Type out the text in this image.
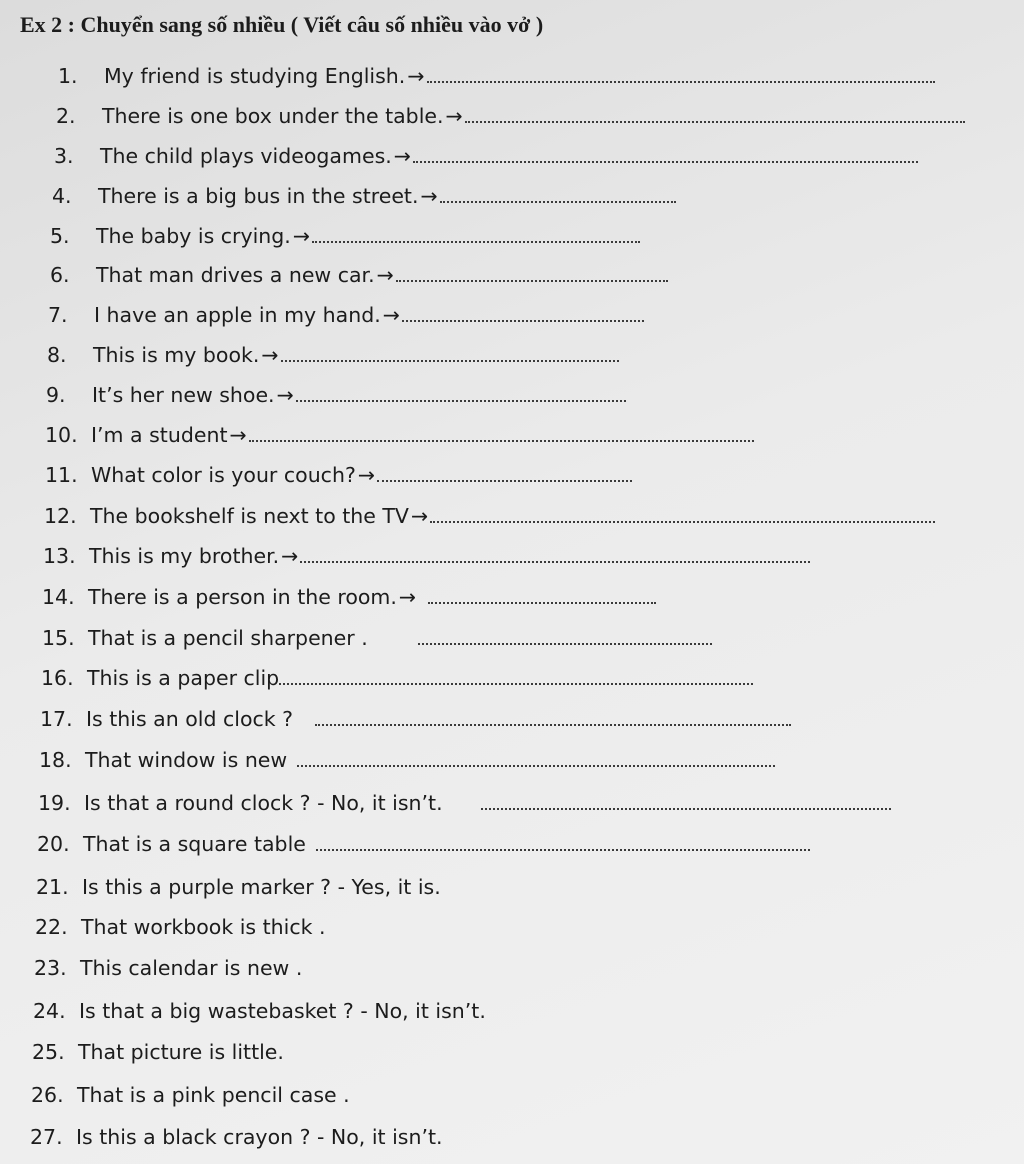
Ex 2 : Chuyển sang số nhiều ( Viết câu số nhiều vào vở )
1.	My friend is studying English. →
2.	There is one box under the table. →
3.	The child plays videogames. →
4.	There is a big bus in the street. →
5.	The baby is crying. →
6.	That man drives a new car. →
7.	I have an apple in my hand. →
8.	This is my book. →
9.	It’s her new shoe. →
10. I’m a student →
11. What color is your couch? →
12. The bookshelf is next to the TV →
13. This is my brother. →
14. There is a person in the room. →
15. That is a pencil sharpener .
16. This is a paper clip
17. Is this an old clock ?
18. That window is new
19. Is that a round clock ? - No, it isn’t.
20. That is a square table
21. Is this a purple marker ? - Yes, it is.
22. That workbook is thick .
23. This calendar is new .
24. Is that a big wastebasket ? - No, it isn’t.
25. That picture is little.
26. That is a pink pencil case .
27. Is this a black crayon ? - No, it isn’t.
